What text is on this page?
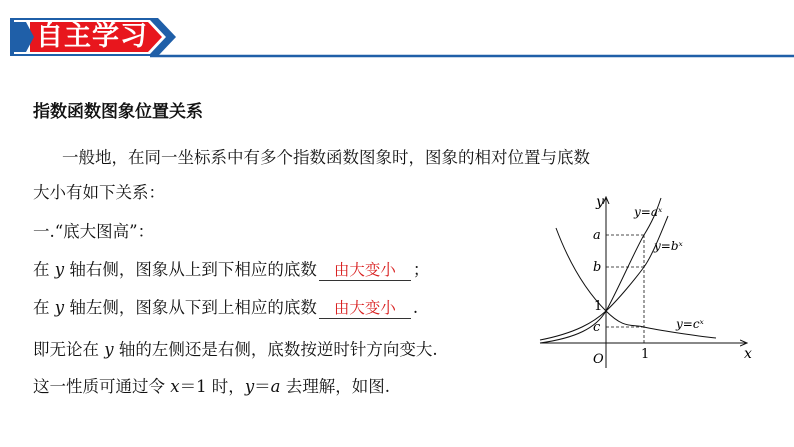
自主学习
指数函数图象位置关系
一般地，在同一坐标系中有多个指数函数图象时，图象的相对位置与底数
大小有如下关系：
一.“底大图高”：
在 y 轴右侧，图象从上到下相应的底数 由大变小 ；
在 y 轴左侧，图象从下到上相应的底数 由大变小 .
即无论在 y 轴的左侧还是右侧，底数按逆时针方向变大.
这一性质可通过令 x＝1 时，y＝a 去理解，如图.
x
y
O	1
1
a
b
c
y=aˣ
y=bˣ
y=cˣ
